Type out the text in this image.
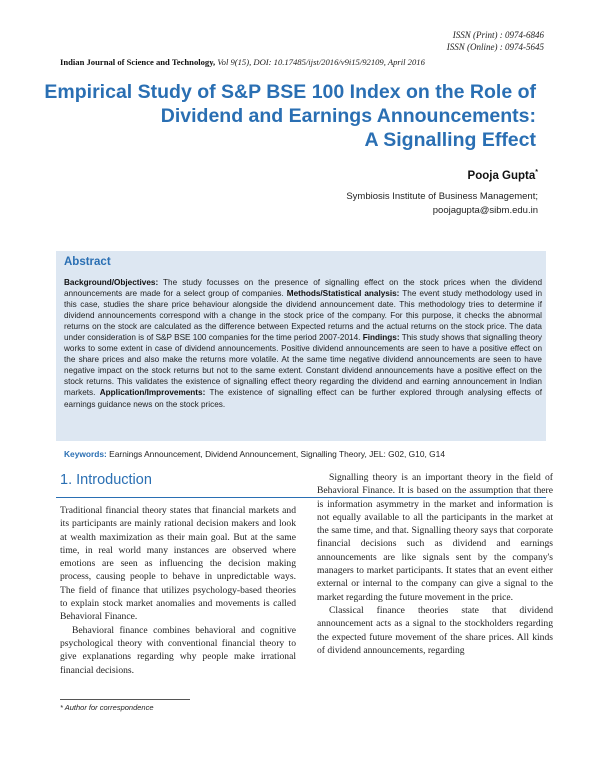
ISSN (Print) : 0974-6846
ISSN (Online) : 0974-5645
Indian Journal of Science and Technology, Vol 9(15), DOI: 10.17485/ijst/2016/v9i15/92109, April 2016
Empirical Study of S&P BSE 100 Index on the Role of
Dividend and Earnings Announcements:
A Signalling Effect
Pooja Gupta*
Symbiosis Institute of Business Management;
poojagupta@sibm.edu.in
Abstract
Background/Objectives: The study focusses on the presence of signalling effect on the stock prices when the dividend announcements are made for a select group of companies. Methods/Statistical analysis: The event study methodology used in this case, studies the share price behaviour alongside the dividend announcement date. This methodology tries to determine if dividend announcements correspond with a change in the stock price of the company. For this purpose, it checks the abnormal returns on the stock are calculated as the difference between Expected returns and the actual returns on the stock price. The data under consideration is of S&P BSE 100 companies for the time period 2007-2014. Findings: This study shows that signalling theory works to some extent in case of dividend announcements. Positive dividend announcements are seen to have a positive effect on the share prices and also make the returns more volatile. At the same time negative dividend announcements are seen to have negative impact on the stock returns but not to the same extent. Constant dividend announcements have a positive effect on the stock returns. This validates the existence of signalling effect theory regarding the dividend and earning announcement in Indian markets. Application/Improvements: The existence of signalling effect can be further explored through analysing effects of earnings guidance news on the stock prices.
Keywords: Earnings Announcement, Dividend Announcement, Signalling Theory, JEL: G02, G10, G14
1. Introduction

Traditional financial theory states that financial markets and its participants are mainly rational decision makers and look at wealth maximization as their main goal. But at the same time, in real world many instances are observed where emotions are seen as influencing the decision making process, causing people to behave in unpredictable ways. The field of finance that utilizes psychology-based theories to explain stock market anomalies and movements is called Behavioral Finance.

Behavioral finance combines behavioral and cognitive psychological theory with conventional financial theory to give explanations regarding why people make irrational financial decisions.

Signalling theory is an important theory in the field of Behavioral Finance. It is based on the assumption that there is information asymmetry in the market and information is not equally available to all the participants in the market at the same time, and that. Signalling theory says that corporate financial decisions such as dividend and earnings announcements are like signals sent by the company's managers to market participants. It states that an event either external or internal to the company can give a signal to the market regarding the future movement in the price.

Classical finance theories state that dividend announcement acts as a signal to the stockholders regarding the expected future movement of the share prices. All kinds of dividend announcements, regarding

* Author for correspondence
